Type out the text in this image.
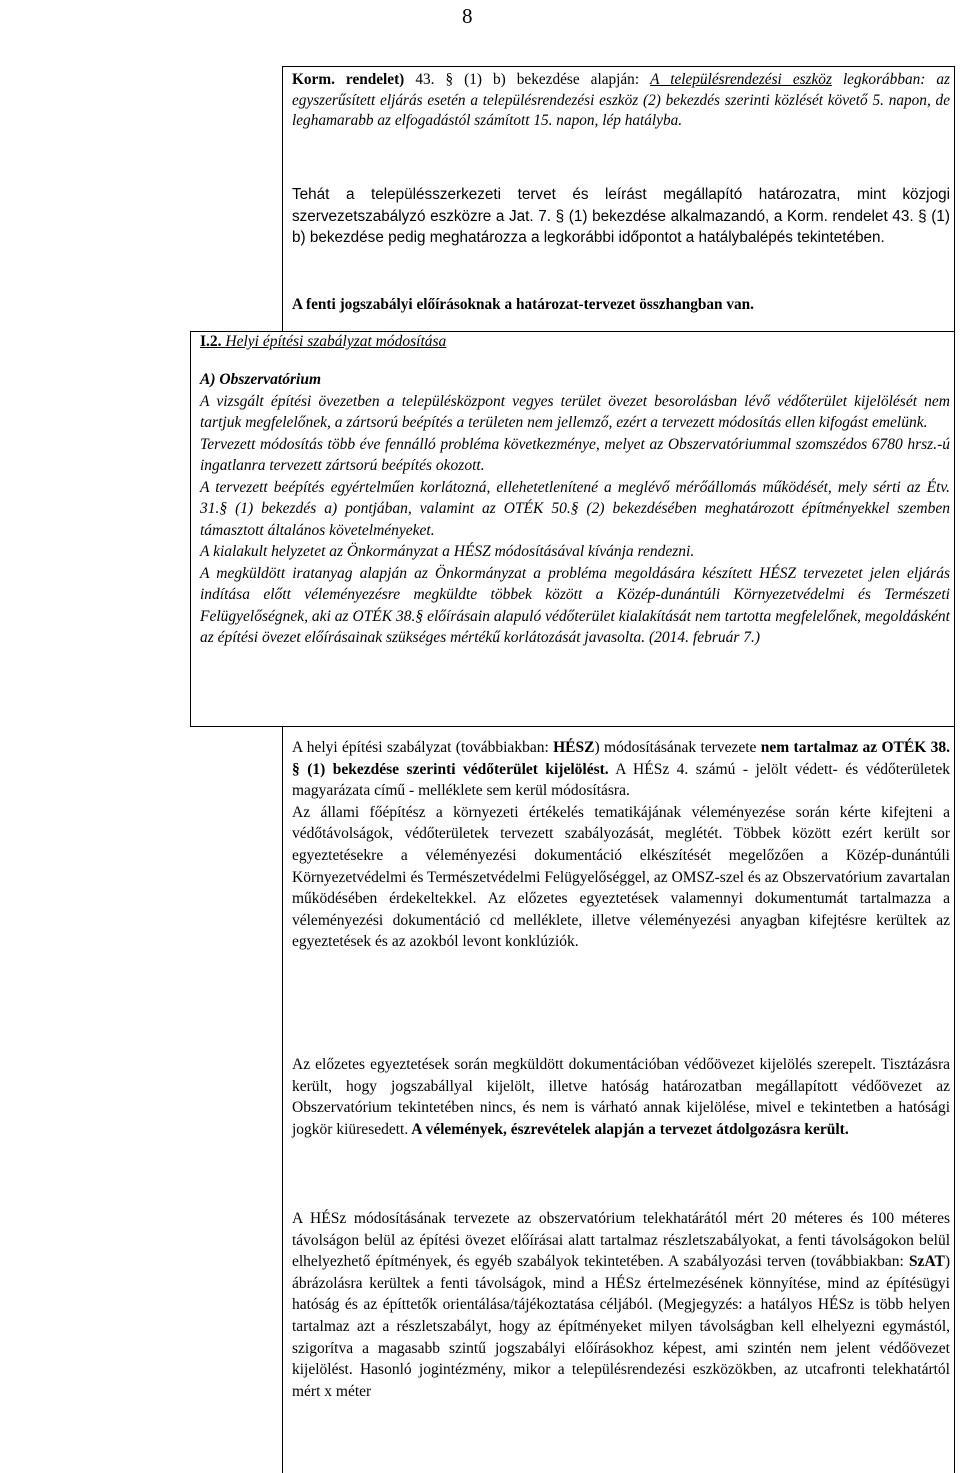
8

Korm. rendelet) 43. § (1) b) bekezdése alapján: A településrendezési eszköz legkorábban: az egyszerűsített eljárás esetén a településrendezési eszköz (2) bekezdés szerinti közlését követő 5. napon, de leghamarabb az elfogadástól számított 15. napon, lép hatályba.

Tehát a településszerkezeti tervet és leírást megállapító határozatra, mint közjogi szervezetszabályzó eszközre a Jat. 7. § (1) bekezdése alkalmazandó, a Korm. rendelet 43. § (1) b) bekezdése pedig meghatározza a legkorábbi időpontot a hatálybalépés tekintetében.

A fenti jogszabályi előírásoknak a határozat-tervezet összhangban van.

I.2. Helyi építési szabályzat módosítása

A) Obszervatórium

A vizsgált építési övezetben a településközpont vegyes terület övezet besorolásban lévő védőterület kijelölését nem tartjuk megfelelőnek, a zártsorú beépítés a területen nem jellemző, ezért a tervezett módosítás ellen kifogást emelünk.

Tervezett módosítás több éve fennálló probléma következménye, melyet az Obszervatóriummal szomszédos 6780 hrsz.-ú ingatlanra tervezett zártsorú beépítés okozott.

A tervezett beépítés egyértelműen korlátozná, ellehetetlenítené a meglévő mérőállomás működését, mely sérti az Étv. 31.§ (1) bekezdés a) pontjában, valamint az OTÉK 50.§ (2) bekezdésében meghatározott építményekkel szemben támasztott általános követelményeket.

A kialakult helyzetet az Önkormányzat a HÉSZ módosításával kívánja rendezni.

A megküldött iratanyag alapján az Önkormányzat a probléma megoldására készített HÉSZ tervezetet jelen eljárás indítása előtt véleményezésre megküldte többek között a Közép-dunántúli Környezetvédelmi és Természeti Felügyelőségnek, aki az OTÉK 38.§ előírásain alapuló védőterület kialakítását nem tartotta megfelelőnek, megoldásként az építési övezet előírásainak szükséges mértékű korlátozását javasolta. (2014. február 7.)

A helyi építési szabályzat (továbbiakban: HÉSZ) módosításának tervezete nem tartalmaz az OTÉK 38. § (1) bekezdése szerinti védőterület kijelölést. A HÉSz 4. számú - jelölt védett- és védőterületek magyarázata című - melléklete sem kerül módosításra.

Az állami főépítész a környezeti értékelés tematikájának véleményezése során kérte kifejteni a védőtávolságok, védőterületek tervezett szabályozását, meglétét. Többek között ezért került sor egyeztetésekre a véleményezési dokumentáció elkészítését megelőzően a Közép-dunántúli Környezetvédelmi és Természetvédelmi Felügyelőséggel, az OMSZ-szel és az Obszervatórium zavartalan működésében érdekeltekkel. Az előzetes egyeztetések valamennyi dokumentumát tartalmazza a véleményezési dokumentáció cd melléklete, illetve véleményezési anyagban kifejtésre kerültek az egyeztetések és az azokból levont konklúziók.

Az előzetes egyeztetések során megküldött dokumentációban védőövezet kijelölés szerepelt. Tisztázásra került, hogy jogszabállyal kijelölt, illetve hatóság határozatban megállapított védőövezet az Obszervatórium tekintetében nincs, és nem is várható annak kijelölése, mivel e tekintetben a hatósági jogkör kiüresedett. A vélemények, észrevételek alapján a tervezet átdolgozásra került.

A HÉSz módosításának tervezete az obszervatórium telekhatárától mért 20 méteres és 100 méteres távolságon belül az építési övezet előírásai alatt tartalmaz részletszabályokat, a fenti távolságokon belül elhelyezhető építmények, és egyéb szabályok tekintetében. A szabályozási terven (továbbiakban: SzAT) ábrázolásra kerültek a fenti távolságok, mind a HÉSz értelmezésének könnyítése, mind az építésügyi hatóság és az építtetők orientálása/tájékoztatása céljából. (Megjegyzés: a hatályos HÉSz is több helyen tartalmaz azt a részletszabályt, hogy az építményeket milyen távolságban kell elhelyezni egymástól, szigorítva a magasabb szintű jogszabályi előírásokhoz képest, ami szintén nem jelent védőövezet kijelölést. Hasonló jogintézmény, mikor a településrendezési eszközökben, az utcafronti telekhatártól mért x méter
